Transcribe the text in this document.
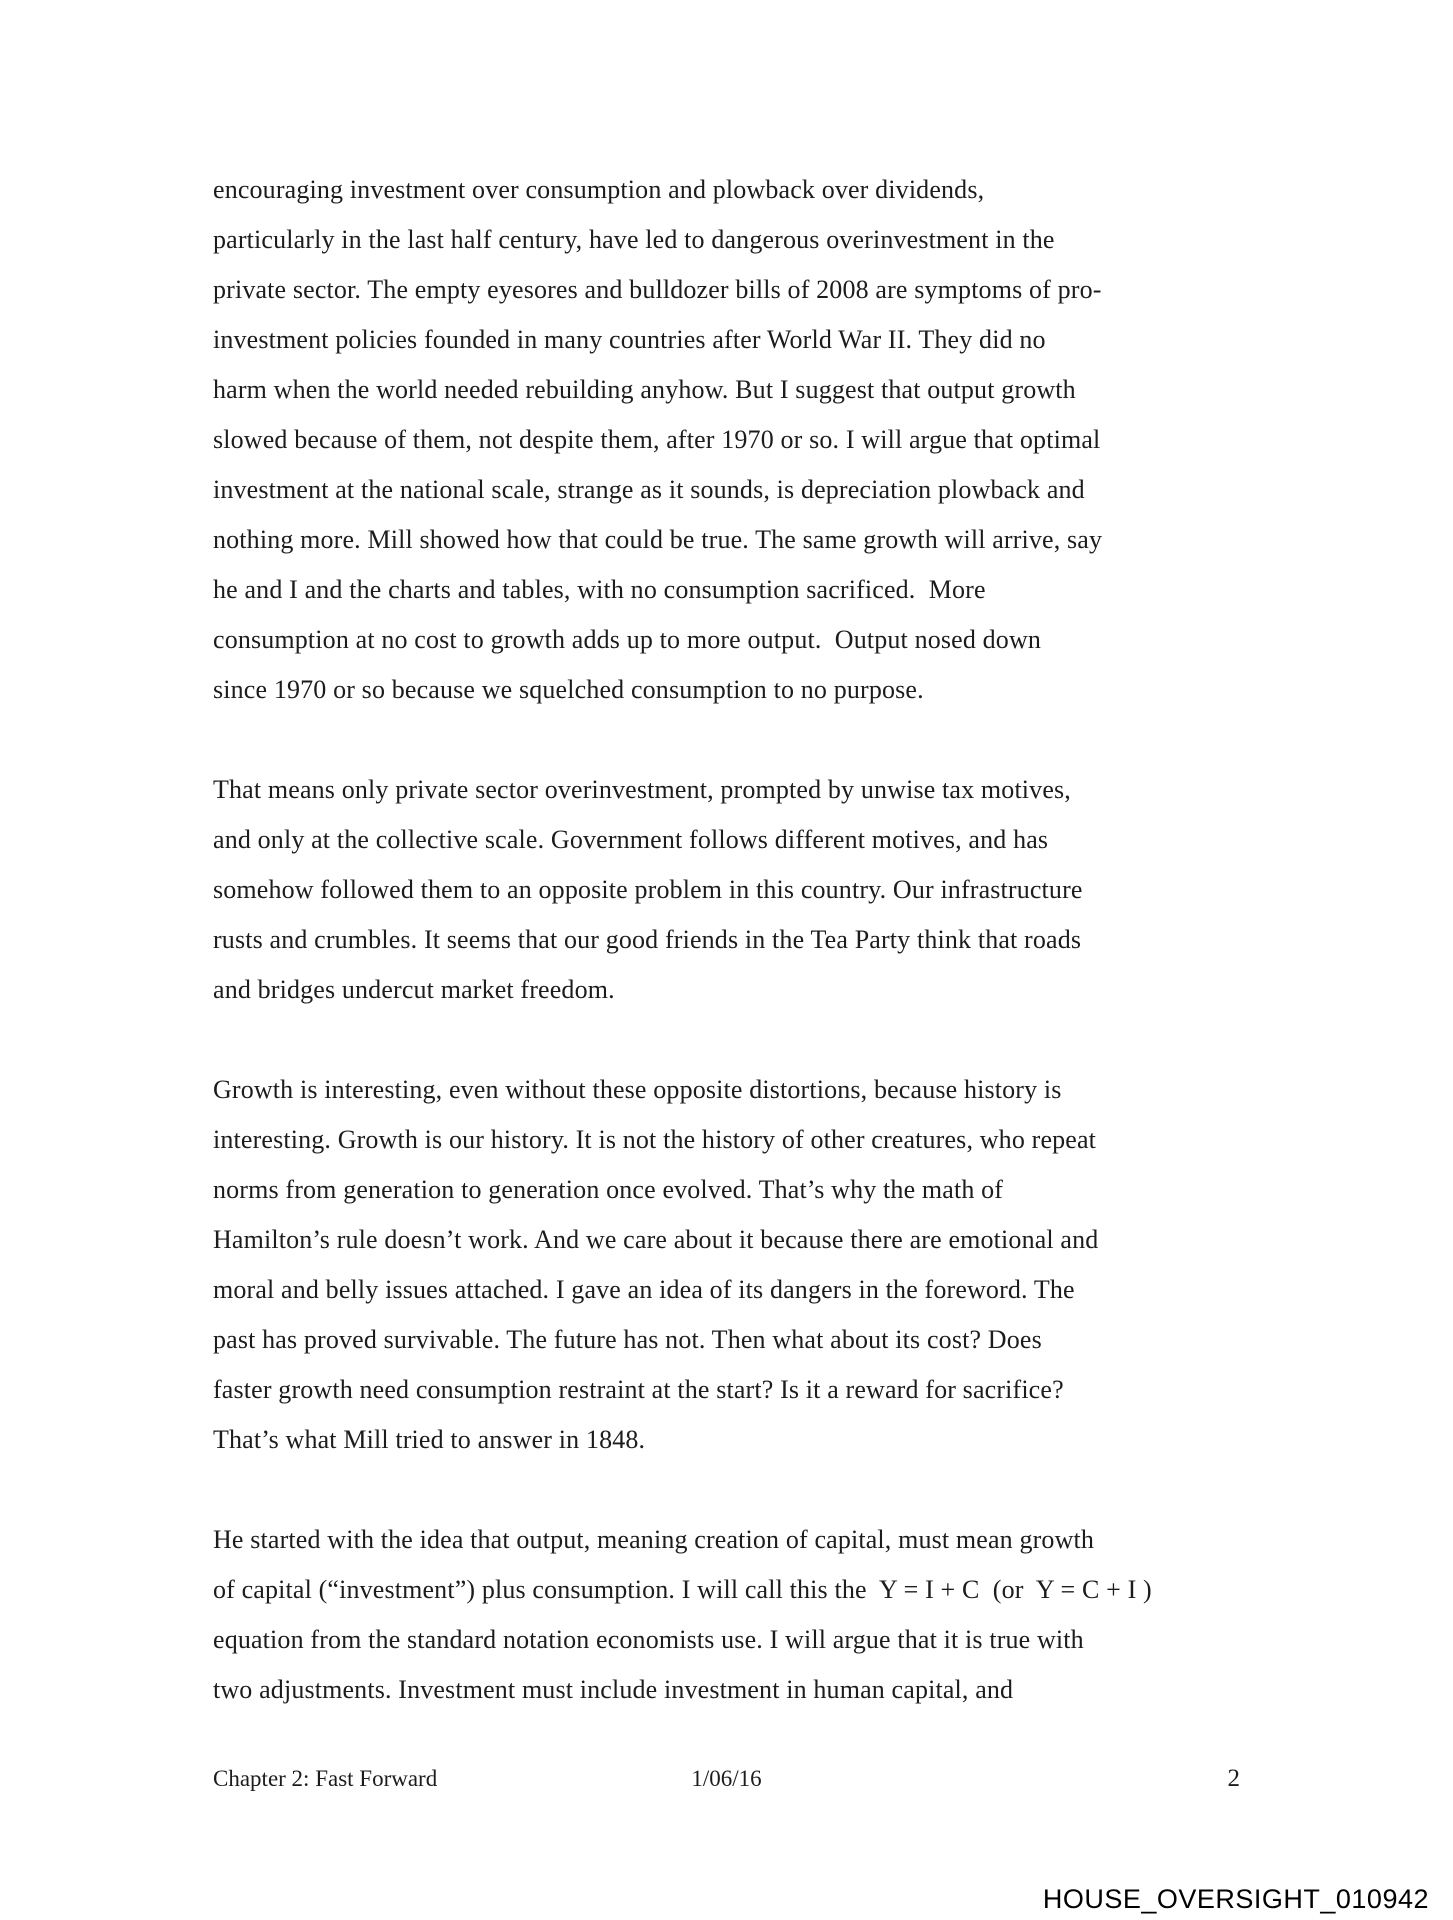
encouraging investment over consumption and plowback over dividends,
particularly in the last half century, have led to dangerous overinvestment in the
private sector. The empty eyesores and bulldozer bills of 2008 are symptoms of pro-
investment policies founded in many countries after World War II. They did no
harm when the world needed rebuilding anyhow. But I suggest that output growth
slowed because of them, not despite them, after 1970 or so. I will argue that optimal
investment at the national scale, strange as it sounds, is depreciation plowback and
nothing more. Mill showed how that could be true. The same growth will arrive, say
he and I and the charts and tables, with no consumption sacrificed.  More
consumption at no cost to growth adds up to more output.  Output nosed down
since 1970 or so because we squelched consumption to no purpose.
That means only private sector overinvestment, prompted by unwise tax motives,
and only at the collective scale. Government follows different motives, and has
somehow followed them to an opposite problem in this country. Our infrastructure
rusts and crumbles. It seems that our good friends in the Tea Party think that roads
and bridges undercut market freedom.
Growth is interesting, even without these opposite distortions, because history is
interesting. Growth is our history. It is not the history of other creatures, who repeat
norms from generation to generation once evolved. That’s why the math of
Hamilton’s rule doesn’t work. And we care about it because there are emotional and
moral and belly issues attached. I gave an idea of its dangers in the foreword. The
past has proved survivable. The future has not. Then what about its cost? Does
faster growth need consumption restraint at the start? Is it a reward for sacrifice?
That’s what Mill tried to answer in 1848.
He started with the idea that output, meaning creation of capital, must mean growth
of capital (“investment”) plus consumption. I will call this the  Y = I + C  (or  Y = C + I )
equation from the standard notation economists use. I will argue that it is true with
two adjustments. Investment must include investment in human capital, and
Chapter 2: Fast Forward	1/06/16	2
HOUSE_OVERSIGHT_010942
